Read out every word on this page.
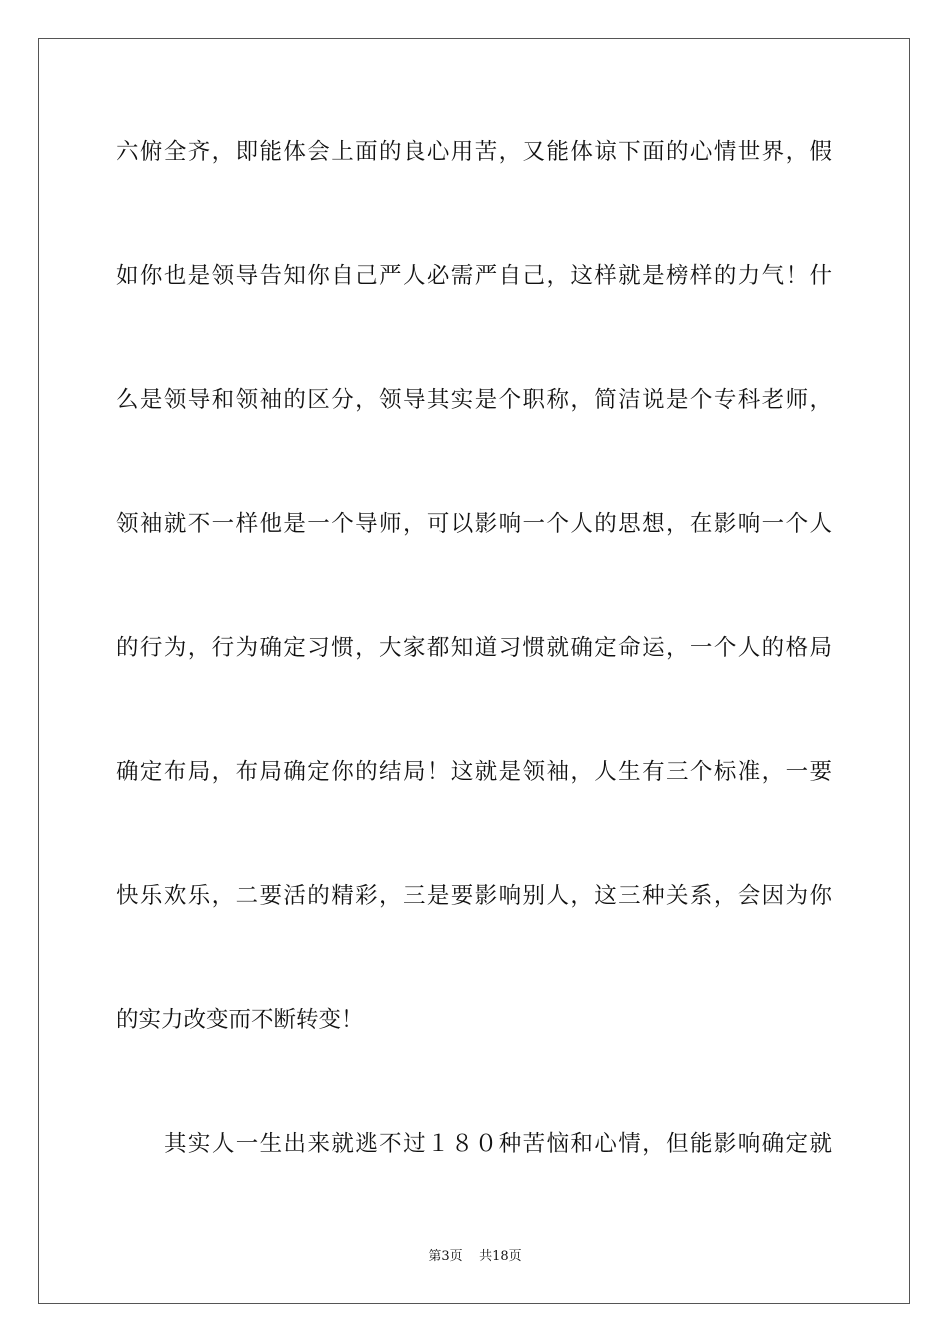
六俯全齐，即能体会上面的良心用苦，又能体谅下面的心情世界，假
如你也是领导告知你自己严人必需严自己，这样就是榜样的力气！什
么是领导和领袖的区分，领导其实是个职称，简洁说是个专科老师，
领袖就不一样他是一个导师，可以影响一个人的思想，在影响一个人
的行为，行为确定习惯，大家都知道习惯就确定命运，一个人的格局
确定布局，布局确定你的结局！这就是领袖，人生有三个标准，一要
快乐欢乐，二要活的精彩，三是要影响别人，这三种关系，会因为你
的实力改变而不断转变！
其实人一生出来就逃不过１８０种苦恼和心情，但能影响确定就
第3页 共18页
